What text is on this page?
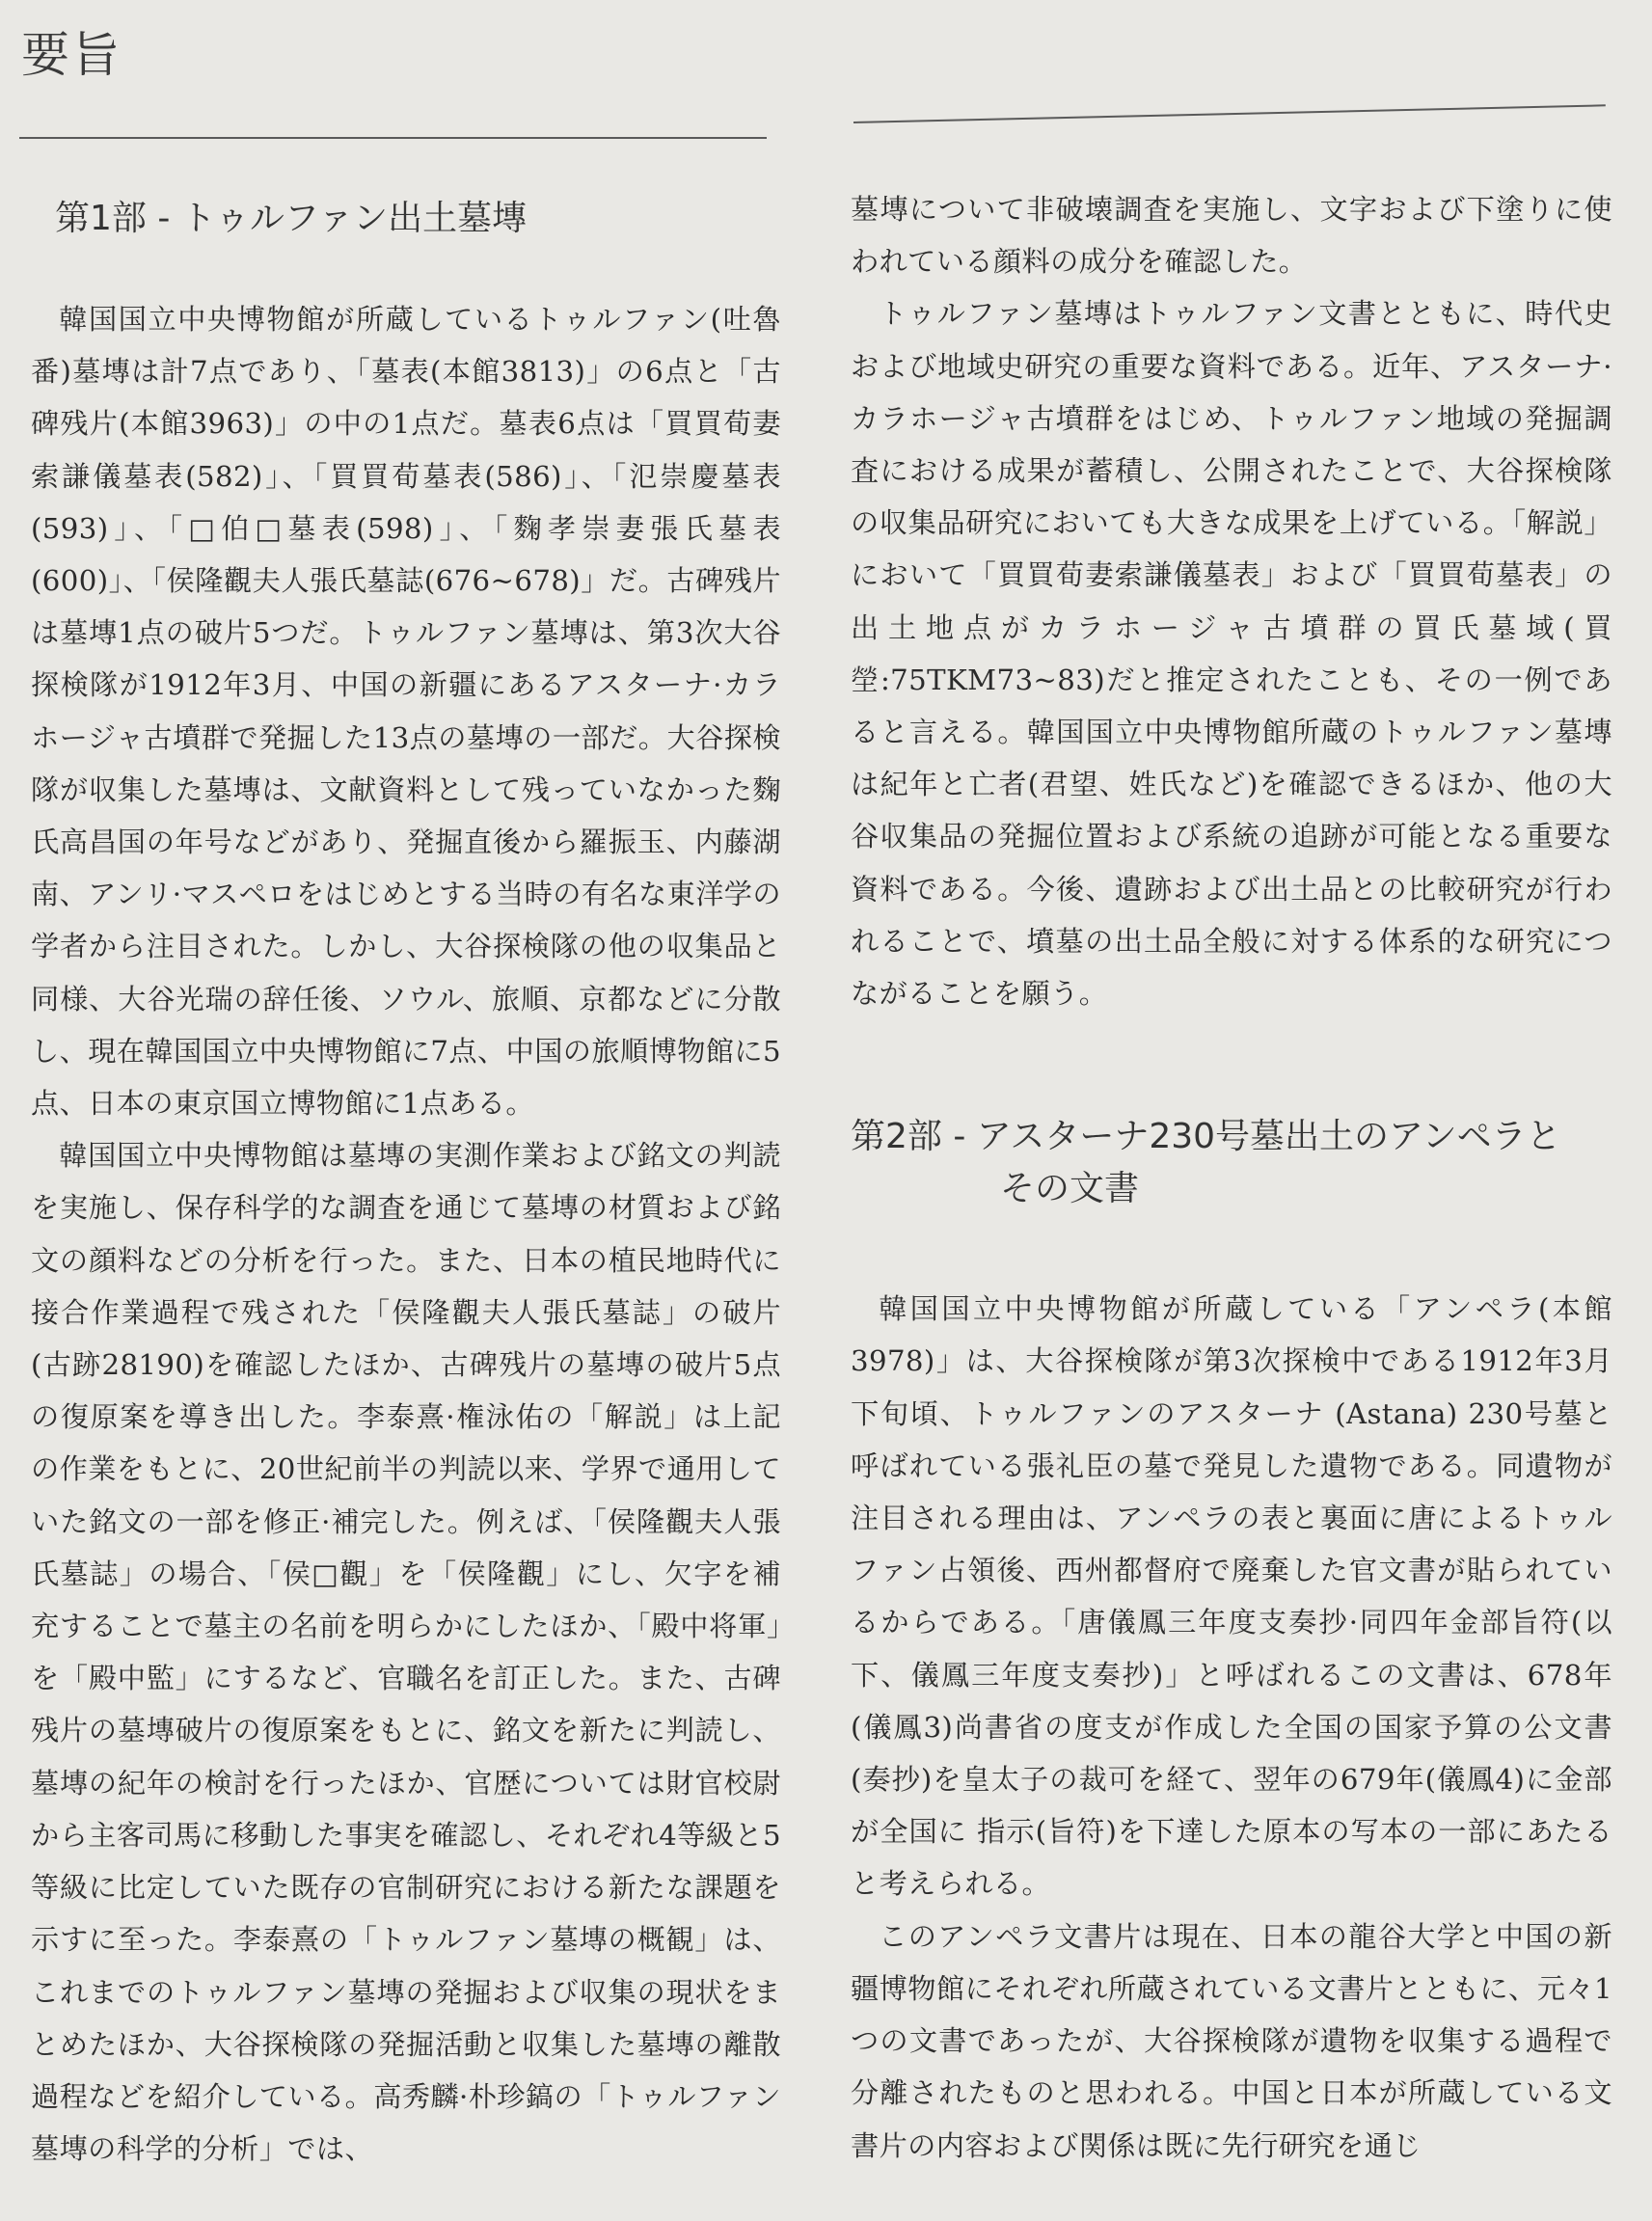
要旨
第1部 - トゥルファン出土墓塼

韓国国立中央博物館が所蔵しているトゥルファン(吐魯番)墓塼は計7点であり、「墓表(本館3813)」の6点と「古碑残片(本館3963)」の中の1点だ。墓表6点は「買買荀妻索謙儀墓表(582)」、「買買荀墓表(586)」、「氾崇慶墓表(593)」、「□伯□墓表(598)」、「麴孝崇妻張氏墓表(600)」、「侯隆觀夫人張氏墓誌(676~678)」だ。古碑残片は墓塼1点の破片5つだ。トゥルファン墓塼は、第3次大谷探検隊が1912年3月、中国の新疆にあるアスターナ·カラホージャ古墳群で発掘した13点の墓塼の一部だ。大谷探検隊が収集した墓塼は、文献資料として残っていなかった麴氏高昌国の年号などがあり、発掘直後から羅振玉、内藤湖南、アンリ·マスペロをはじめとする当時の有名な東洋学の学者から注目された。しかし、大谷探検隊の他の収集品と同様、大谷光瑞の辞任後、ソウル、旅順、京都などに分散し、現在韓国国立中央博物館に7点、中国の旅順博物館に5点、日本の東京国立博物館に1点ある。

韓国国立中央博物館は墓塼の実測作業および銘文の判読を実施し、保存科学的な調査を通じて墓塼の材質および銘文の顔料などの分析を行った。また、日本の植民地時代に接合作業過程で残された「侯隆觀夫人張氏墓誌」の破片(古跡28190)を確認したほか、古碑残片の墓塼の破片5点の復原案を導き出した。李泰熹·権泳佑の「解説」は上記の作業をもとに、20世紀前半の判読以来、学界で通用していた銘文の一部を修正·補完した。例えば、「侯隆觀夫人張氏墓誌」の場合、「侯□觀」を「侯隆觀」にし、欠字を補充することで墓主の名前を明らかにしたほか、「殿中将軍」を「殿中監」にするなど、官職名を訂正した。また、古碑残片の墓塼破片の復原案をもとに、銘文を新たに判読し、墓塼の紀年の検討を行ったほか、官歴については財官校尉から主客司馬に移動した事実を確認し、それぞれ4等級と5等級に比定していた既存の官制研究における新たな課題を示すに至った。李泰熹の「トゥルファン墓塼の概観」は、これまでのトゥルファン墓塼の発掘および収集の現状をまとめたほか、大谷探検隊の発掘活動と収集した墓塼の離散過程などを紹介している。高秀麟·朴珍鎬の「トゥルファン墓塼の科学的分析」では、

墓塼について非破壊調査を実施し、文字および下塗りに使われている顔料の成分を確認した。

トゥルファン墓塼はトゥルファン文書とともに、時代史および地域史研究の重要な資料である。近年、アスターナ·カラホージャ古墳群をはじめ、トゥルファン地域の発掘調査における成果が蓄積し、公開されたことで、大谷探検隊の収集品研究においても大きな成果を上げている。「解説」において「買買荀妻索謙儀墓表」および「買買荀墓表」の出土地点がカラホージャ古墳群の買氏墓域(買塋:75TKM73~83)だと推定されたことも、その一例であると言える。韓国国立中央博物館所蔵のトゥルファン墓塼は紀年と亡者(君望、姓氏など)を確認できるほか、他の大谷収集品の発掘位置および系統の追跡が可能となる重要な資料である。今後、遺跡および出土品との比較研究が行われることで、墳墓の出土品全般に対する体系的な研究につながることを願う。

第2部 - アスターナ230号墓出土のアンペラと
その文書

韓国国立中央博物館が所蔵している「アンペラ(本館3978)」は、大谷探検隊が第3次探検中である1912年3月下旬頃、トゥルファンのアスターナ (Astana) 230号墓と呼ばれている張礼臣の墓で発見した遺物である。同遺物が注目される理由は、アンペラの表と裏面に唐によるトゥルファン占領後、西州都督府で廃棄した官文書が貼られているからである。「唐儀鳳三年度支奏抄·同四年金部旨符(以下、儀鳳三年度支奏抄)」と呼ばれるこの文書は、678年(儀鳳3)尚書省の度支が作成した全国の国家予算の公文書(奏抄)を皇太子の裁可を経て、翌年の679年(儀鳳4)に金部が全国に 指示(旨符)を下達した原本の写本の一部にあたると考えられる。

このアンペラ文書片は現在、日本の龍谷大学と中国の新疆博物館にそれぞれ所蔵されている文書片とともに、元々1つの文書であったが、大谷探検隊が遺物を収集する過程で分離されたものと思われる。中国と日本が所蔵している文書片の内容および関係は既に先行研究を通じ
